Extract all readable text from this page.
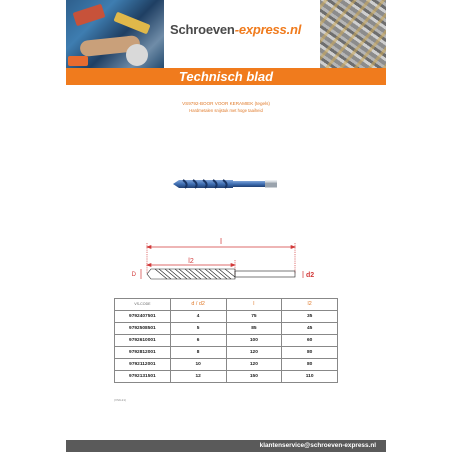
Schroeven-express.nl
Technisch blad
VS9792-BOOR VOOR KERAMIEK (tegels)
Hardmetalen snijstuk met hoge taaiheid
l
l2
D	d2
VS-CODE	d / d2	l	l2
9792407501	4	75	35
9792508501	5	85	45
9792610001	6	100	60
9792812001	8	120	80
9792112001	10	120	80
9792131501	12	150	110
(VS9-21)
klantenservice@schroeven-express.nl
